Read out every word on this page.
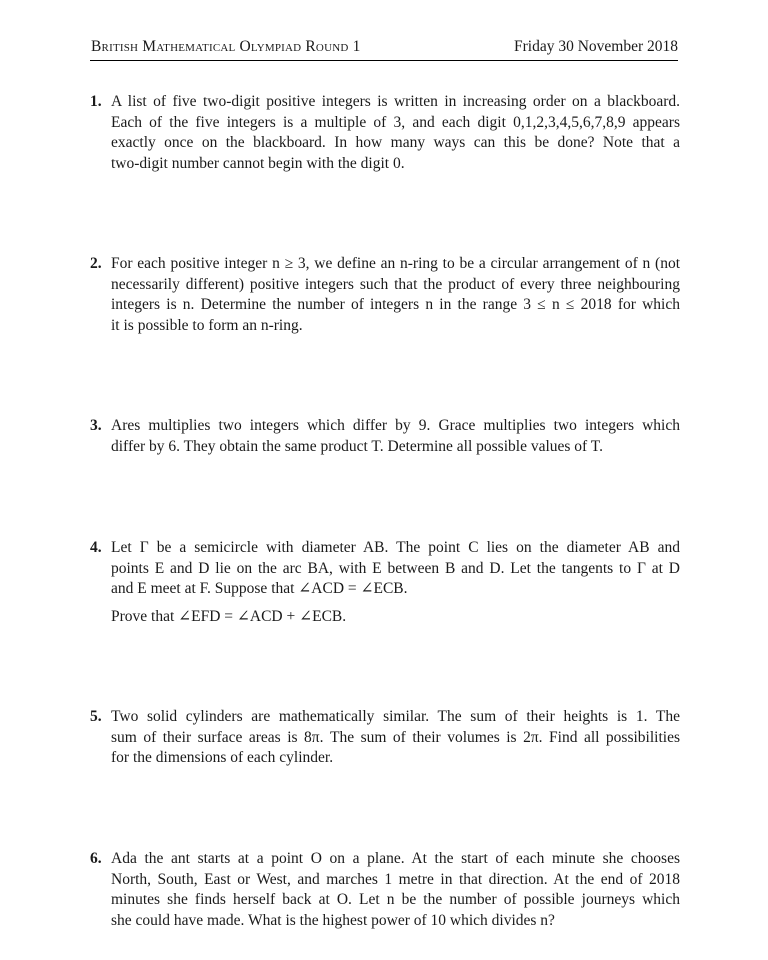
British Mathematical Olympiad Round 1	Friday 30 November 2018
1. A list of five two-digit positive integers is written in increasing order on a blackboard.
Each of the five integers is a multiple of 3, and each digit 0,1,2,3,4,5,6,7,8,9 appears
exactly once on the blackboard. In how many ways can this be done? Note that a
two-digit number cannot begin with the digit 0.
2. For each positive integer n ≥ 3, we define an n-ring to be a circular arrangement of n (not
necessarily different) positive integers such that the product of every three neighbouring
integers is n. Determine the number of integers n in the range 3 ≤ n ≤ 2018 for which
it is possible to form an n-ring.
3. Ares multiplies two integers which differ by 9. Grace multiplies two integers which
differ by 6. They obtain the same product T. Determine all possible values of T.
4. Let Γ be a semicircle with diameter AB. The point C lies on the diameter AB and
points E and D lie on the arc BA, with E between B and D. Let the tangents to Γ at D
and E meet at F. Suppose that ∠ACD = ∠ECB.
Prove that ∠EFD = ∠ACD + ∠ECB.
5. Two solid cylinders are mathematically similar. The sum of their heights is 1. The
sum of their surface areas is 8π. The sum of their volumes is 2π. Find all possibilities
for the dimensions of each cylinder.
6. Ada the ant starts at a point O on a plane. At the start of each minute she chooses
North, South, East or West, and marches 1 metre in that direction. At the end of 2018
minutes she finds herself back at O. Let n be the number of possible journeys which
she could have made. What is the highest power of 10 which divides n?
